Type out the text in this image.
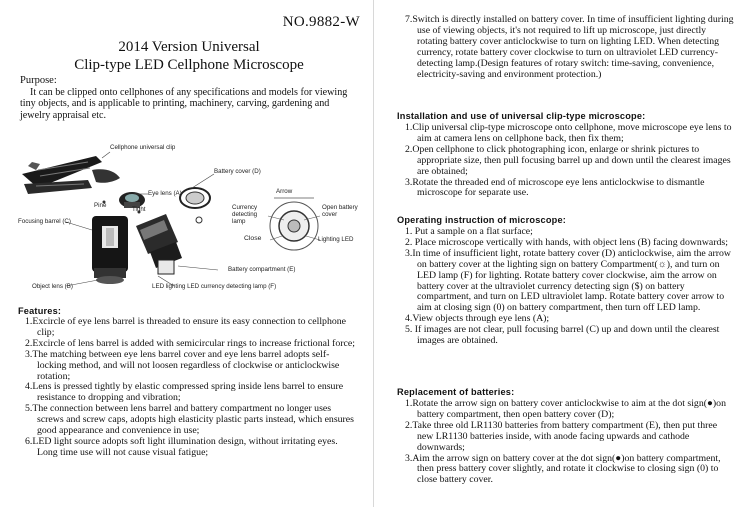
NO.9882-W
2014 Version Universal
Clip-type LED Cellphone Microscope
Purpose:
It can be clipped onto cellphones of any specifications and models for viewing tiny objects, and is applicable to printing, machinery, carving, gardening and jewelry appraisal etc.
Cellphone universal clip
Battery cover (D)
Eye lens (A)
Pine
Tight
Focusing barrel (C)
Arrow
Currency detecting lamp
Open battery cover
Close	Lighting LED
Object lens (B)	LED lighting LED currency detecting lamp (F)
Battery compartment (E)
Features:
1.Excircle of eye lens barrel is threaded to ensure its easy connection to cellphone clip;
2.Excircle of lens barrel is added with semicircular rings to increase frictional force;
3.The matching between eye lens barrel cover and eye lens barrel adopts self-locking method, and will not loosen regardless of clockwise or anticlockwise rotation;
4.Lens is pressed tightly by elastic compressed spring inside lens barrel to ensure resistance to dropping and vibration;
5.The connection between lens barrel and battery compartment no longer uses screws and screw caps, adopts high elasticity plastic parts instead, which ensures good appearance and convenience in use;
6.LED light source adopts soft light illumination design, without irritating eyes. Long time use will not cause visual fatigue;
7.Switch is directly installed on battery cover. In time of insufficient lighting during use of viewing objects, it's not required to lift up microscope, just directly rotating battery cover anticlockwise to turn on lighting LED. When detecting currency, rotate battery cover clockwise to turn on ultraviolet LED currency-detecting lamp.(Design features of rotary switch: time-saving, convenience, electricity-saving and environment protection.)
Installation and use of universal clip-type microscope:
1.Clip universal clip-type microscope onto cellphone, move microscope eye lens to aim at camera lens on cellphone back, then fix them;
2.Open cellphone to click photographing icon, enlarge or shrink pictures to appropriate size, then pull focusing barrel up and down until the clearest images are obtained;
3.Rotate the threaded end of microscope eye lens anticlockwise to dismantle microscope for separate use.
Operating instruction of microscope:
1. Put a sample on a flat surface;
2. Place microscope vertically with hands, with object lens (B) facing downwards;
3.In time of insufficient light, rotate battery cover (D) anticlockwise, aim the arrow on battery cover at the lighting sign on battery Compartment(☼), and turn on LED lamp (F) for lighting. Rotate battery cover clockwise, aim the arrow on battery cover at the ultraviolet currency detecting sign ($) on battery compartment, and turn on LED ultraviolet lamp. Rotate battery cover arrow to aim at closing sign (0) on battery compartment, then turn off LED lamp.
4.View objects through eye lens (A);
5. If images are not clear, pull focusing barrel (C) up and down until the clearest images are obtained.
Replacement of batteries:
1.Rotate the arrow sign on battery cover anticlockwise to aim at the dot sign(●)on battery compartment, then open battery cover (D);
2.Take three old LR1130 batteries from battery compartment (E), then put three new LR1130 batteries inside, with anode facing upwards and cathode downwards;
3.Aim the arrow sign on battery cover at the dot sign(●)on battery compartment, then press battery cover slightly, and rotate it clockwise to closing sign (0) to close battery cover.
